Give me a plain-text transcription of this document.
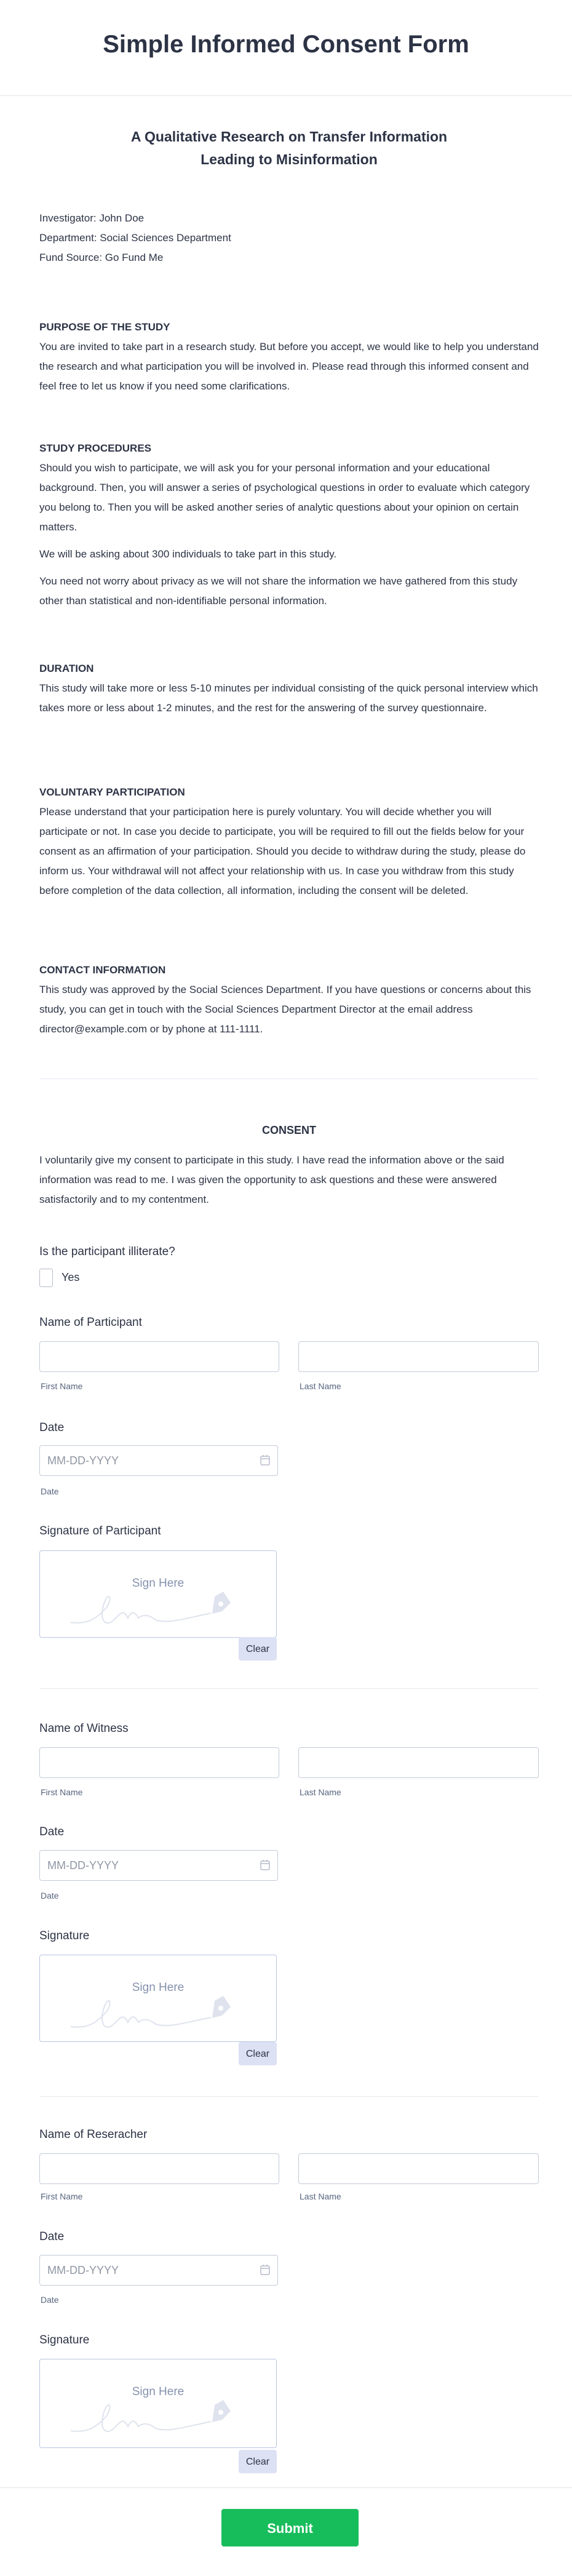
Simple Informed Consent Form
A Qualitative Research on Transfer Information
Leading to Misinformation
Investigator: John Doe
Department: Social Sciences Department
Fund Source: Go Fund Me
PURPOSE OF THE STUDY

You are invited to take part in a research study. But before you accept, we would like to help you understand the research and what participation you will be involved in. Please read through this informed consent and feel free to let us know if you need some clarifications.

STUDY PROCEDURES

Should you wish to participate, we will ask you for your personal information and your educational background. Then, you will answer a series of psychological questions in order to evaluate which category you belong to. Then you will be asked another series of analytic questions about your opinion on certain matters.

We will be asking about 300 individuals to take part in this study.

You need not worry about privacy as we will not share the information we have gathered from this study other than statistical and non-identifiable personal information.

DURATION

This study will take more or less 5-10 minutes per individual consisting of the quick personal interview which takes more or less about 1-2 minutes, and the rest for the answering of the survey questionnaire.

VOLUNTARY PARTICIPATION

Please understand that your participation here is purely voluntary. You will decide whether you will participate or not. In case you decide to participate, you will be required to fill out the fields below for your consent as an affirmation of your participation. Should you decide to withdraw during the study, please do inform us. Your withdrawal will not affect your relationship with us. In case you withdraw from this study before completion of the data collection, all information, including the consent will be deleted.

CONTACT INFORMATION

This study was approved by the Social Sciences Department. If you have questions or concerns about this study, you can get in touch with the Social Sciences Department Director at the email address director@example.com or by phone at 111-1111.

CONSENT

I voluntarily give my consent to participate in this study. I have read the information above or the said information was read to me. I was given the opportunity to ask questions and these were answered satisfactorily and to my contentment.

Is the participant illiterate?
Yes
Name of Participant
First Name	Last Name
Date
MM-DD-YYYY
Date
Signature of Participant
Sign Here
Clear
Name of Witness
First Name	Last Name
Date
MM-DD-YYYY
Date
Signature
Sign Here
Clear
Name of Reseracher
First Name	Last Name
Date
MM-DD-YYYY
Date
Signature
Sign Here
Clear
Submit
